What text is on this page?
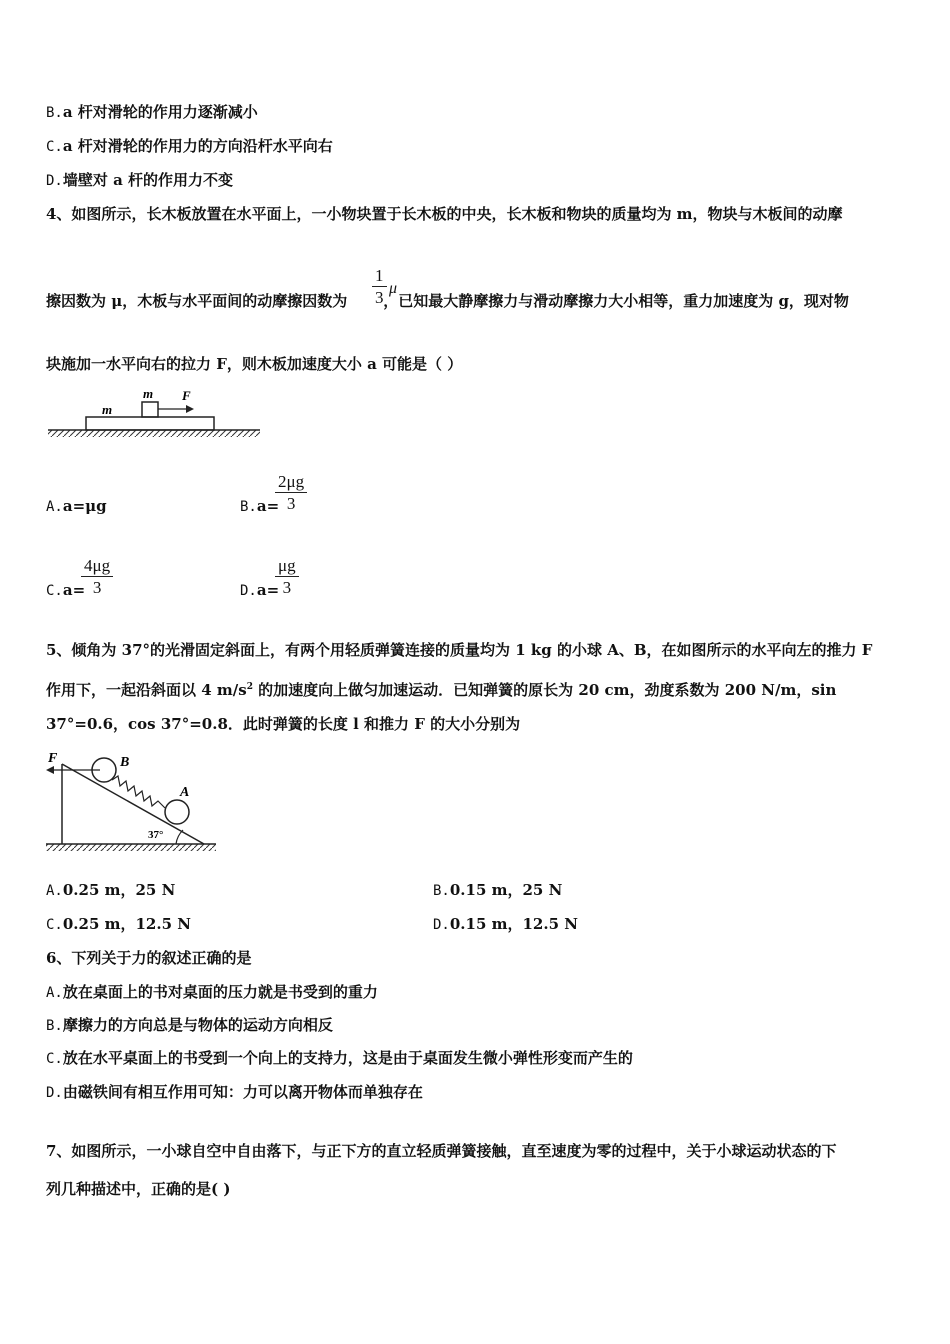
B.a 杆对滑轮的作用力逐渐减小
C.a 杆对滑轮的作用力的方向沿杆水平向右
D.墙壁对 a 杆的作用力不变
4、如图所示，长木板放置在水平面上，一小物块置于长木板的中央，长木板和物块的质量均为 m，物块与木板间的动摩
擦因数为 μ，木板与水平面间的动摩擦因数为 ，已知最大静摩擦力与滑动摩擦力大小相等，重力加速度为 g，现对物
$\frac{1}{3}$ μ
块施加一水平向右的拉力 F，则木板加速度大小 a 可能是（ ）
m
m F
A.a=μg	B.a=
$\frac{2\mu g}{3}$
C.a=
$\frac{4\mu g}{3}$	D.a=
$\frac{\mu g}{3}$
5、倾角为 37°的光滑固定斜面上，有两个用轻质弹簧连接的质量均为 1 kg 的小球 A、B，在如图所示的水平向左的推力 F
作用下，一起沿斜面以 4 $m/s^2$ 的加速度向上做匀加速运动．已知弹簧的原长为 20 cm，劲度系数为 200 N/m，sin
37°=0.6，cos 37°=0.8．此时弹簧的长度 l 和推力 F 的大小分别为
F	B
A
37°
A.0.25 m，25 N	B.0.15 m，25 N
C.0.25 m，12.5 N	D.0.15 m，12.5 N
6、下列关于力的叙述正确的是
A.放在桌面上的书对桌面的压力就是书受到的重力
B.摩擦力的方向总是与物体的运动方向相反
C.放在水平桌面上的书受到一个向上的支持力，这是由于桌面发生微小弹性形变而产生的
D.由磁铁间有相互作用可知：力可以离开物体而单独存在
7、如图所示，一小球自空中自由落下，与正下方的直立轻质弹簧接触，直至速度为零的过程中，关于小球运动状态的下
列几种描述中，正确的是( )
